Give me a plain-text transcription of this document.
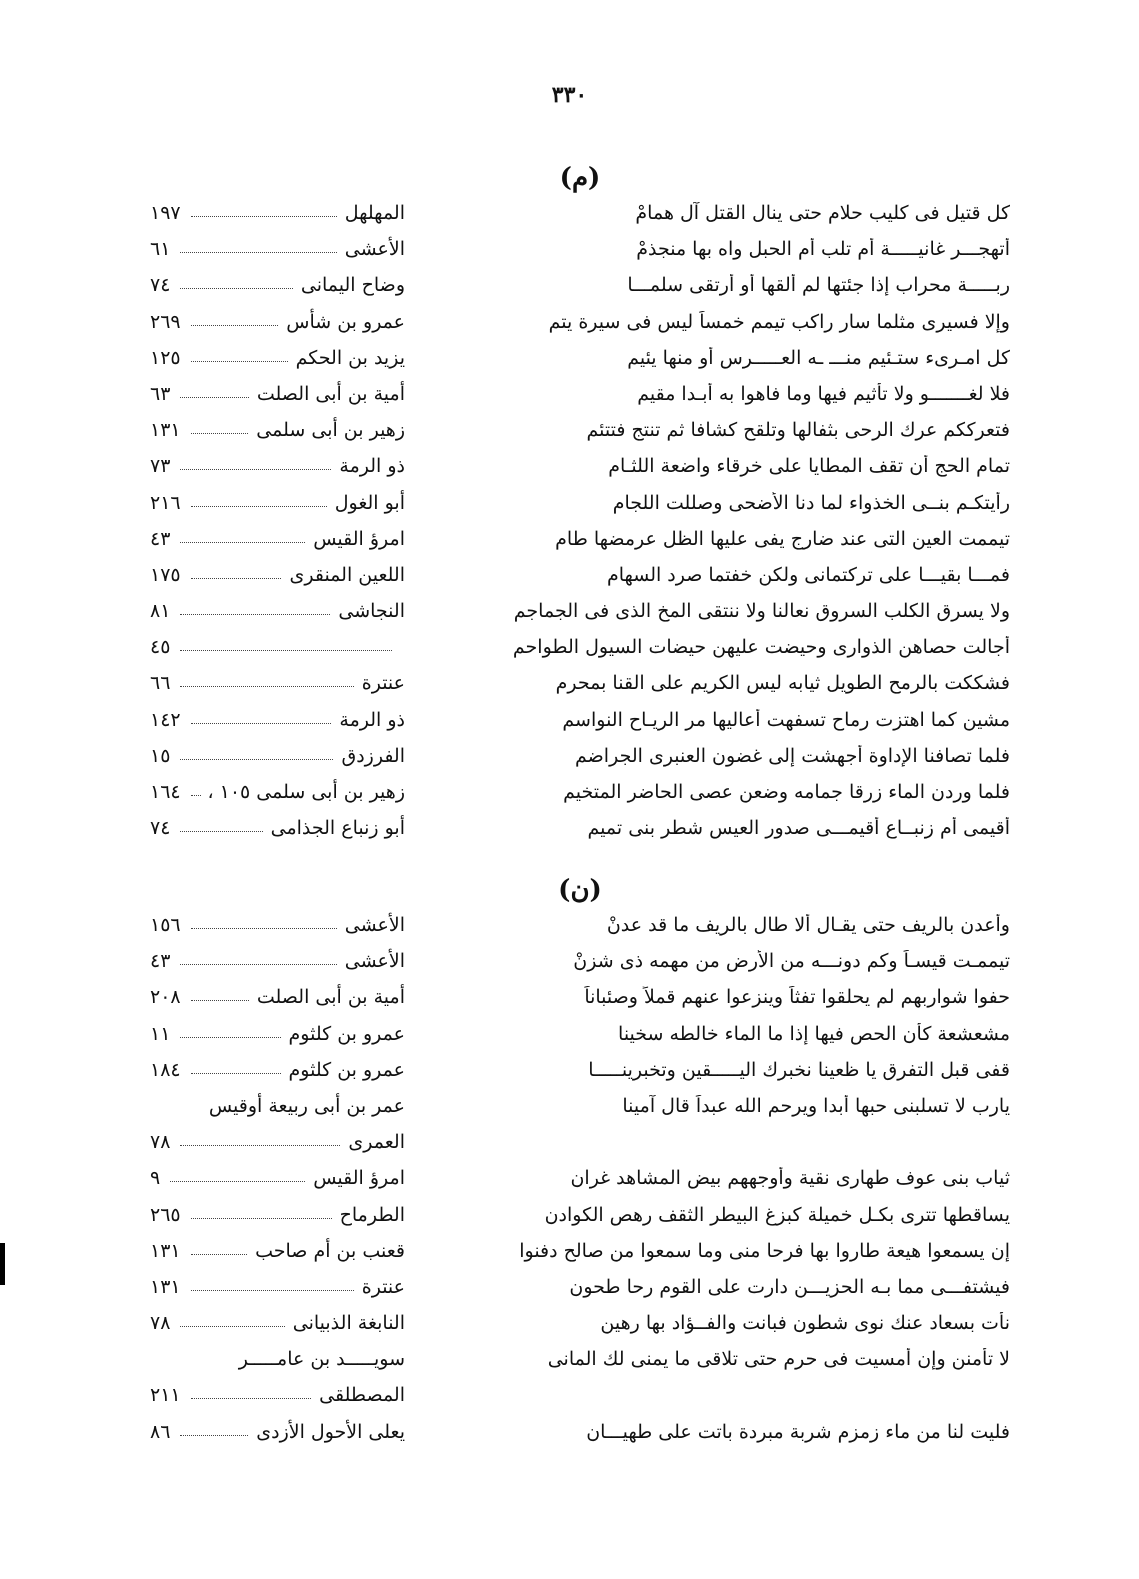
٣٣٠
(م)
كل قتيل فى كليب حلام حتى ينال القتل آل همامْ
المهلهل
١٩٧
أتهجـــر غانيـــــة أم تلب أم الحبل واه بها منجذمْ
الأعشى
٦١
ربـــــة محراب إذا جئتها لم ألقها أو أرتقى سلمـــا
وضاح اليمانى
٧٤
وإلا فسيرى مثلما سار راكب تيمم خمساً ليس فى سيرة يتم
عمرو بن شأس
٢٦٩
كل امـرىء ستـئيم منـــ ـه العـــــرس أو منها يئيم
يزيد بن الحكم
١٢٥
فلا لغـــــــو ولا تأثيم فيها وما فاهوا به أبـدا مقيم
أمية بن أبى الصلت
٦٣
فتعرككم عرك الرحى بثفالها وتلقح كشافا ثم تنتج فتتئم
زهير بن أبى سلمى
١٣١
تمام الحج أن تقف المطايا على خرقاء واضعة اللثـام
ذو الرمة
٧٣
رأيتكـم بنــى الخذواء لما دنا الأضحى وصللت اللجام
أبو الغول
٢١٦
تيممت العين التى عند ضارج يفى عليها الظل عرمضها طام
امرؤ القيس
٤٣
فمـــا بقيـــا على تركتمانى ولكن خفتما صرد السهام
اللعين المنقرى
١٧٥
ولا يسرق الكلب السروق نعالنا ولا ننتقى المخ الذى فى الجماجم
النجاشى
٨١
أجالت حصاهن الذوارى وحيضت عليهن حيضات السيول الطواحم
٤٥
فشككت بالرمح الطويل ثيابه ليس الكريم على القنا بمحرم
عنترة
٦٦
مشين كما اهتزت رماح تسفهت أعاليها مر الريـاح النواسم
ذو الرمة
١٤٢
فلما تصافنا الإداوة أجهشت إلى غضون العنبرى الجراضم
الفرزدق
١٥
فلما وردن الماء زرقا جمامه وضعن عصى الحاضر المتخيم
زهير بن أبى سلمى ١٠٥ ،
١٦٤
أقيمى أم زنبــاع أقيمـــى صدور العيس شطر بنى تميم
أبو زنباع الجذامى
٧٤
(ن)
وأعدن بالريف حتى يقـال ألا طال بالريف ما قد عدنْ
الأعشى
١٥٦
تيممـت قيسـاً وكم دونـــه من الأرض من مهمه ذى شزنْ
الأعشى
٤٣
حفوا شواربهم لم يحلقوا تفثاً وينزعوا عنهم قملاً وصئباناً
أمية بن أبى الصلت
٢٠٨
مشعشعة كأن الحص فيها إذا ما الماء خالطه سخينا
عمرو بن كلثوم
١١
قفى قبل التفرق يا ظعينا نخبرك اليـــــقين وتخبرينـــــا
عمرو بن كلثوم
١٨٤
يارب لا تسلبنى حبها أبدا ويرحم الله عبداً قال آمينا
عمر بن أبى ربيعة أوقيس
العمرى
٧٨
ثياب بنى عوف طهارى نقية وأوجههم بيض المشاهد غران
امرؤ القيس
٩
يساقطها تترى بكـل خميلة كبزغ البيطر الثقف رهص الكوادن
الطرماح
٢٦٥
إن يسمعوا هيعة طاروا بها فرحا منى وما سمعوا من صالح دفنوا
قعنب بن أم صاحب
١٣١
فيشتفـــى مما بـه الحزيـــن دارت على القوم رحا طحون
عنترة
١٣١
نأت بسعاد عنك نوى شطون فبانت والفــؤاد بها رهين
النابغة الذبيانى
٧٨
لا تأمنن وإن أمسيت فى حرم حتى تلاقى ما يمنى لك المانى
سويـــــد بن عامـــــر
المصطلقى
٢١١
فليت لنا من ماء زمزم شربة مبردة باتت على طهيـــان
يعلى الأحول الأزدى
٨٦
